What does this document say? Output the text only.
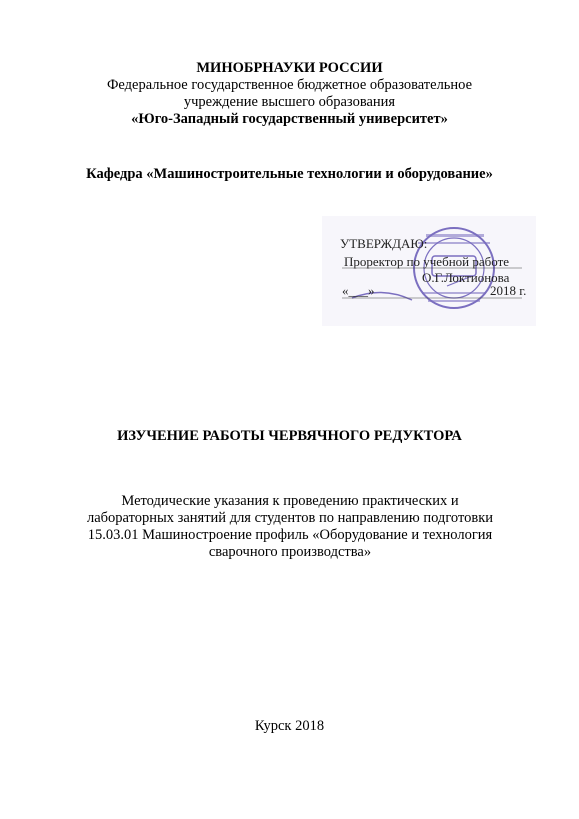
МИНОБРНАУКИ РОССИИ
Федеральное государственное бюджетное образовательное
учреждение высшего образования
«Юго-Западный государственный университет»
Кафедра «Машиностроительные технологии и оборудование»
УТВЕРЖДАЮ:
Проректор по учебной работе
О.Г.Локтионова
«___»	2018 г.
ИЗУЧЕНИЕ РАБОТЫ ЧЕРВЯЧНОГО РЕДУКТОРА
Методические указания к проведению практических и
лабораторных занятий для студентов по направлению подготовки
15.03.01 Машиностроение профиль «Оборудование и технология
сварочного производства»
Курск 2018
